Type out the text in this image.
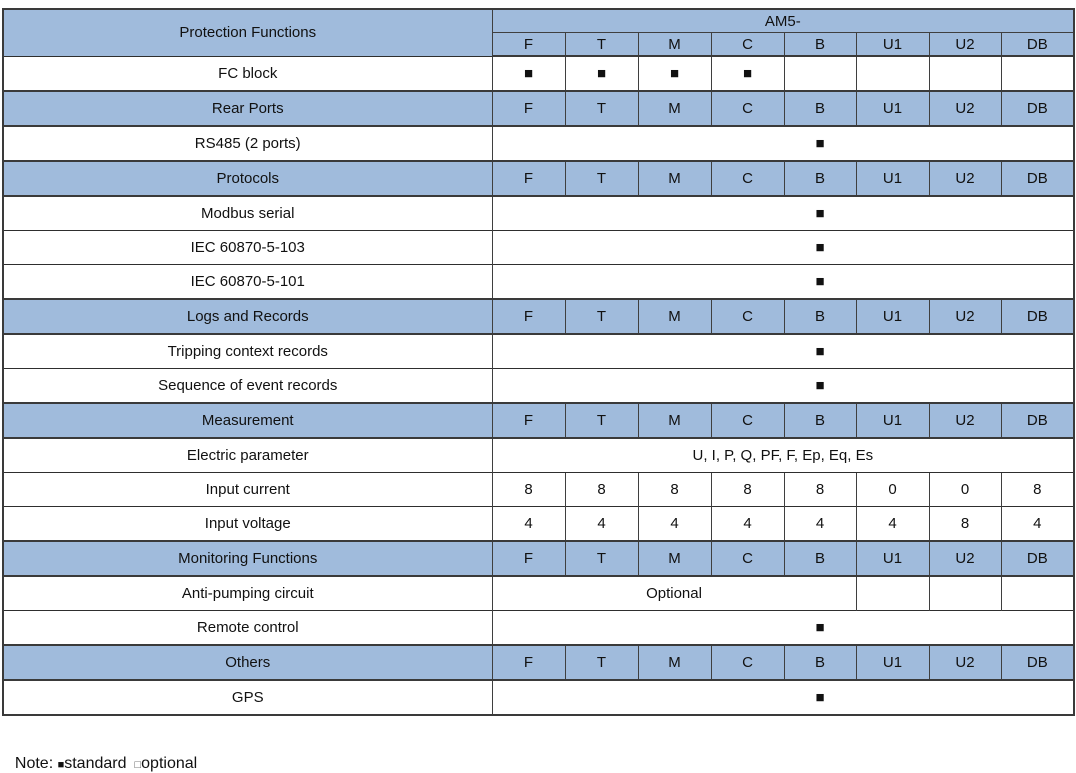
Protection Functions	AM5-							
	F	T	M	C	B	U1	U2	DB
FC block	■	■	■	■				
Rear Ports	F	T	M	C	B	U1	U2	DB
RS485 (2 ports)					■			
Protocols	F	T	M	C	B	U1	U2	DB
Modbus serial					■			
IEC 60870-5-103					■			
IEC 60870-5-101					■			
Logs and Records	F	T	M	C	B	U1	U2	DB
Tripping context records					■			
Sequence of event records					■			
Measurement	F	T	M	C	B	U1	U2	DB
Electric parameter	U, I, P, Q, PF, F, Ep, Eq, Es							
Input current	8	8	8	8	8	0	0	8
Input voltage	4	4	4	4	4	4	8	4
Monitoring Functions	F	T	M	C	B	U1	U2	DB
Anti-pumping circuit	Optional							
Remote control					■			
Others	F	T	M	C	B	U1	U2	DB
GPS					■			

Note: ■standard □optional
